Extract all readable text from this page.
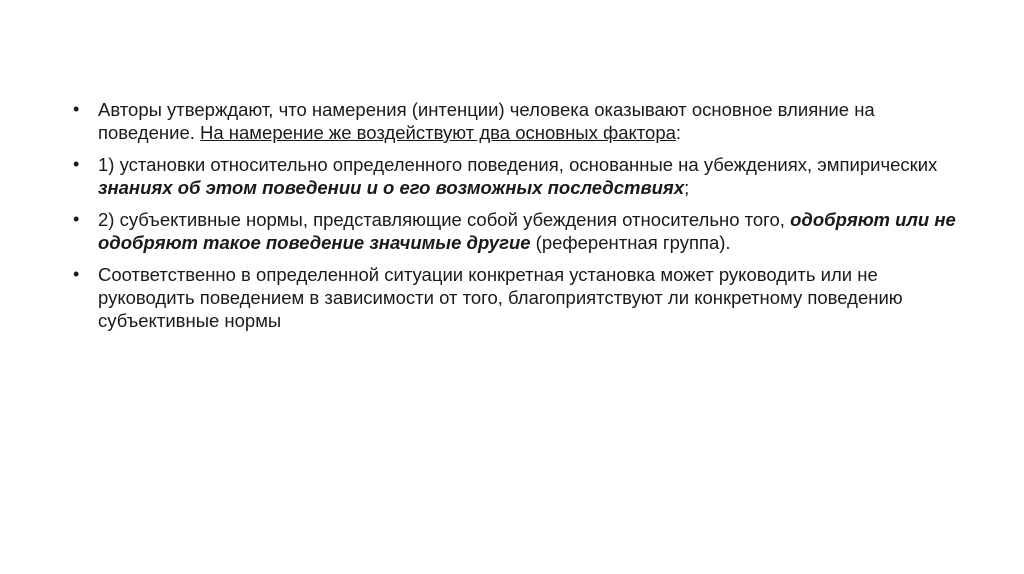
• Авторы утверждают, что намерения (интенции) человека оказывают основное влияние на поведение. На намерение же воздействуют два основных фактора:
• 1) установки относительно определенного поведения, основанные на убеждениях, эмпирических знаниях об этом поведении и о его возможных последствиях;
• 2) субъективные нормы, представляющие собой убеждения относительно того, одобряют или не одобряют такое поведение значимые другие (референтная группа).
• Соответственно в определенной ситуации конкретная установка может руководить или не руководить поведением в зависимости от того, благоприятствуют ли конкретному поведению субъективные нормы
